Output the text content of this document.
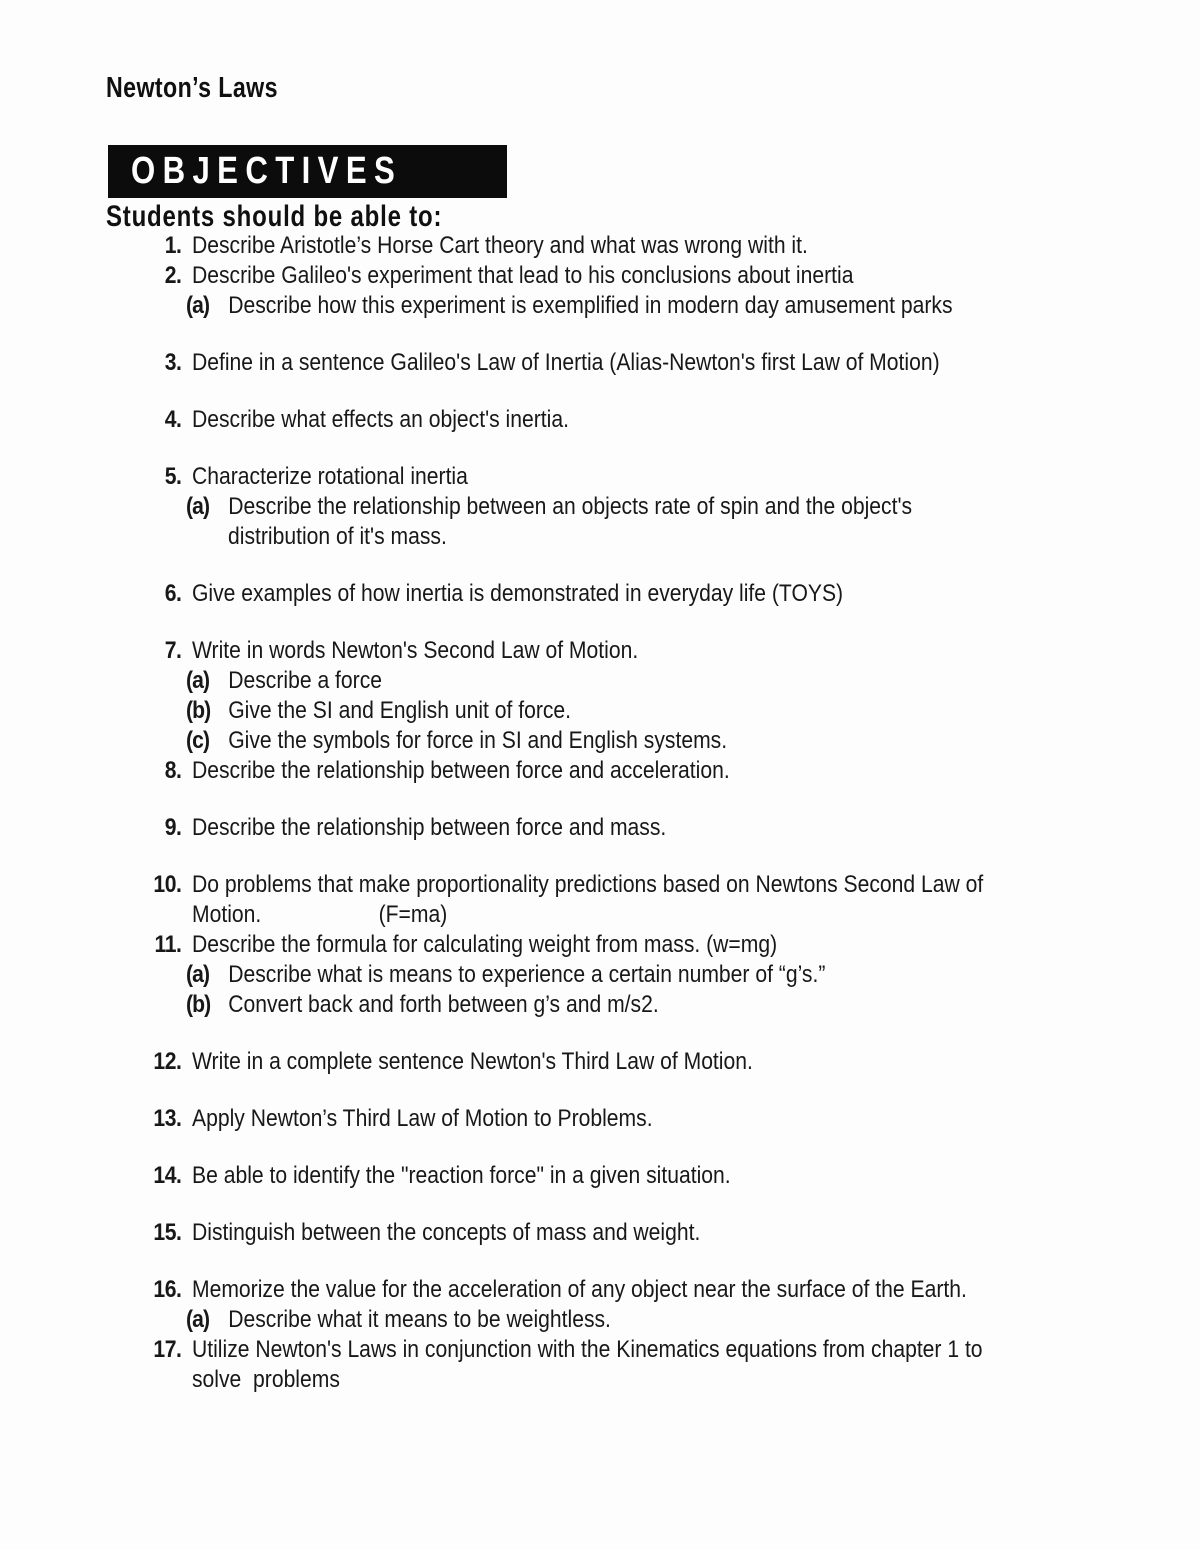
Newton’s Laws
OBJECTIVES
Students should be able to:
1. Describe Aristotle’s Horse Cart theory and what was wrong with it.
2. Describe Galileo's experiment that lead to his conclusions about inertia
(a) Describe how this experiment is exemplified in modern day amusement parks
3. Define in a sentence Galileo's Law of Inertia (Alias-Newton's first Law of Motion)
4. Describe what effects an object's inertia.
5. Characterize rotational inertia
(a) Describe the relationship between an objects rate of spin and the object's
distribution of it's mass.
6. Give examples of how inertia is demonstrated in everyday life (TOYS)
7. Write in words Newton's Second Law of Motion.
(a) Describe a force
(b) Give the SI and English unit of force.
(c) Give the symbols for force in SI and English systems.
8. Describe the relationship between force and acceleration.
9. Describe the relationship between force and mass.
10. Do problems that make proportionality predictions based on Newtons Second Law of
Motion.                    (F=ma)
11. Describe the formula for calculating weight from mass. (w=mg)
(a) Describe what is means to experience a certain number of “g’s.”
(b) Convert back and forth between g’s and m/s2.
12. Write in a complete sentence Newton's Third Law of Motion.
13. Apply Newton’s Third Law of Motion to Problems.
14. Be able to identify the "reaction force" in a given situation.
15. Distinguish between the concepts of mass and weight.
16. Memorize the value for the acceleration of any object near the surface of the Earth.
(a) Describe what it means to be weightless.
17. Utilize Newton's Laws in conjunction with the Kinematics equations from chapter 1 to
solve  problems
